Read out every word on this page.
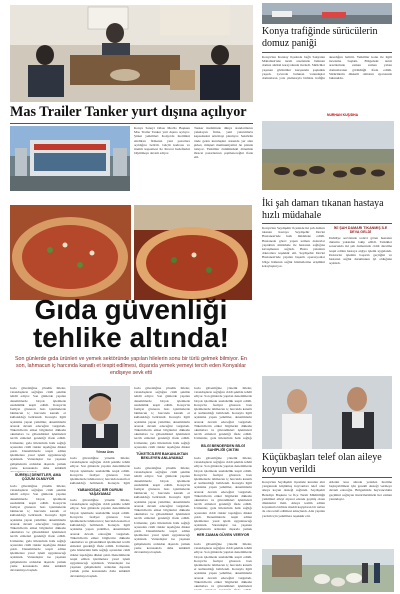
Mas Trailer Tanker yurt dışına açılıyor
Konya Sanayi Odası Meclis Başkanı Mas Trailer Tanker yurt dışına açılıyor. Şirket yetkilileri Konya'da üretimini sürdüren firmanın yeni pazarlara açıldığını belirtti. Güçlü kadrosu ve üretim kapasitesi ile ihracat hedeflerini büyütmeye devam ediyor.
Tanker üretiminde dünya standartlarını yakalayan firma, yeni yatırımlarla kapasitesini artırmayı planlıyor. Sektörün önde gelen kuruluşları arasında yer alan şirket, müşteri memnuniyetini ön planda tutuyor. Yetkililer önümüzdeki dönemde ihracat pazarlarının çeşitleneceğini ifade etti.
Konya trafiğinde sürücülerin domuz paniği
Konya'nın Karatay ilçesinde bağlı Sakyatan Mahallesi'nde tarım arazisinde bulunan domuz sürüsü karayolunda ilerledi. Sürücüler yaşanan görüntüler karşısında şaşkınlık yaşadı. Çevrede bulunan vatandaşlar domuzların yola çıkmasıyla birlikte trafiğin aksadığını belirtti. Yetkililer konu ile ilgili inceleme başlattı. Bölgedeki tarım arazilerinde zaman zaman yaban domuzlarının görüldüğü ifade edildi. Sürücülerin dikkatli olmaları uyarısında bulunuldu.
NURHAN KUŞ/DHA
Gıda güvenliği
tehlike altında!
Son günlerde gıda ürünleri ve yemek sektöründe yapılan hilelerin sonu bir türlü gelmek bilmiyor. En son, lahmacun iç harcında kanatlı et tespit edilmesi, dışarıda yemek yemeyi tercih eden Konyalılar endişeye sevk etti
Gıda güvenliğine yönelik hileler, vatandaşların sağlığını ciddi şekilde tehdit ediyor. Son günlerde yapılan denetimlerde birçok işletmede usulsüzlük tespit edildi. Konya'da faaliyet gösteren bazı işletmelerde lahmacun iç harcında kanatlı et kullanıldığı belirlendi. Konuyla ilgili açıklama yapan yetkililer, denetimlerin artarak devam edeceğini vurguladı. Tüketicilerin etiket bilgilerini dikkatle okumaları ve güvendikleri işletmeleri tercih etmeleri gerektiği ifade edildi. Uzmanlar, gıda hilelerinin halk sağlığı açısından ciddi riskler taşıdığına dikkat çekti. Denetimlerde tespit edilen işletmelere yasal işlem uygulanacağı açıklandı. Vatandaşlar ise yaşanan gelişmelerin ardından dışarıda yemek yeme konusunda daha temkinli
SÜREKLİ DENETLER, AMA ÇÖZÜM OLMUYOR
Gıda güvenliğine yönelik hileler, vatandaşların sağlığını ciddi şekilde tehdit ediyor. Son günlerde yapılan denetimlerde birçok işletmede usulsüzlük tespit edildi. Konya'da faaliyet gösteren bazı işletmelerde lahmacun iç harcında kanatlı et kullanıldığı belirlendi. Konuyla ilgili açıklama yapan yetkililer, denetimlerin artarak devam edeceğini vurguladı. Tüketicilerin etiket bilgilerini dikkatle okumaları ve güvendikleri işletmeleri tercih etmeleri gerektiği ifade edildi. Uzmanlar, gıda hilelerinin halk sağlığı açısından ciddi riskler taşıdığına dikkat çekti. Denetimlerde tespit edilen işletmelere yasal işlem uygulanacağı açıklandı. Vatandaşlar ise yaşanan gelişmelerin ardından dışarıda yemek yeme konusunda daha temkinli davranmaya başladı.
Yılmaz Aras
Gıda güvenliğine yönelik hileler, vatandaşların sağlığını ciddi şekilde tehdit ediyor. Son günlerde yapılan denetimlerde birçok işletmede usulsüzlük tespit edildi. Konya'da faaliyet gösteren bazı işletmelerde lahmacun iç harcında kanatlı et kullanıldığı belirlendi. Konuyla ilgili
YABANCIŞAÇ BİR DURUM YAŞAYAMAZ
Gıda güvenliğine yönelik hileler, vatandaşların sağlığını ciddi şekilde tehdit ediyor. Son günlerde yapılan denetimlerde birçok işletmede usulsüzlük tespit edildi. Konya'da faaliyet gösteren bazı işletmelerde lahmacun iç harcında kanatlı et kullanıldığı belirlendi. Konuyla ilgili açıklama yapan yetkililer, denetimlerin artarak devam edeceğini vurguladı. Tüketicilerin etiket bilgilerini dikkatle okumaları ve güvendikleri işletmeleri tercih etmeleri gerektiği ifade edildi. Uzmanlar, gıda hilelerinin halk sağlığı açısından ciddi riskler taşıdığına dikkat çekti. Denetimlerde tespit edilen işletmelere yasal işlem uygulanacağı açıklandı. Vatandaşlar ise yaşanan gelişmelerin ardından dışarıda yemek yeme konusunda daha temkinli davranmaya başladı.
Gıda güvenliğine yönelik hileler, vatandaşların sağlığını ciddi şekilde tehdit ediyor. Son günlerde yapılan denetimlerde birçok işletmede usulsüzlük tespit edildi. Konya'da faaliyet gösteren bazı işletmelerde lahmacun iç harcında kanatlı et kullanıldığı belirlendi. Konuyla ilgili açıklama yapan yetkililer, denetimlerin artarak devam edeceğini vurguladı. Tüketicilerin etiket bilgilerini dikkatle okumaları ve güvendikleri işletmeleri tercih etmeleri gerektiği ifade edildi. Uzmanlar, gıda hilelerinin halk sağlığı açısından ciddi riskler taşıdığına dikkat
TÜKETİCİLERİ BAKANLIKTAN BEKLEYEN ANLAYAMAZ
Gıda güvenliğine yönelik hileler, vatandaşların sağlığını ciddi şekilde tehdit ediyor. Son günlerde yapılan denetimlerde birçok işletmede usulsüzlük tespit edildi. Konya'da faaliyet gösteren bazı işletmelerde lahmacun iç harcında kanatlı et kullanıldığı belirlendi. Konuyla ilgili açıklama yapan yetkililer, denetimlerin artarak devam edeceğini vurguladı. Tüketicilerin etiket bilgilerini dikkatle okumaları ve güvendikleri işletmeleri tercih etmeleri gerektiği ifade edildi. Uzmanlar, gıda hilelerinin halk sağlığı açısından ciddi riskler taşıdığına dikkat çekti. Denetimlerde tespit edilen işletmelere yasal işlem uygulanacağı açıklandı. Vatandaşlar ise yaşanan gelişmelerin ardından dışarıda yemek yeme konusunda daha temkinli davranmaya başladı.
Gıda güvenliğine yönelik hileler, vatandaşların sağlığını ciddi şekilde tehdit ediyor. Son günlerde yapılan denetimlerde birçok işletmede usulsüzlük tespit edildi. Konya'da faaliyet gösteren bazı işletmelerde lahmacun iç harcında kanatlı et kullanıldığı belirlendi. Konuyla ilgili açıklama yapan yetkililer, denetimlerin artarak devam edeceğini vurguladı. Tüketicilerin etiket bilgilerini dikkatle okumaları ve güvendikleri işletmeleri tercih etmeleri gerektiği ifade edildi. Uzmanlar, gıda hilelerinin halk sağlığı
BİLGİ BENDERDEN BİLGİ SAHİPLİĞİ ÇIKTIM
Gıda güvenliğine yönelik hileler, vatandaşların sağlığını ciddi şekilde tehdit ediyor. Son günlerde yapılan denetimlerde birçok işletmede usulsüzlük tespit edildi. Konya'da faaliyet gösteren bazı işletmelerde lahmacun iç harcında kanatlı et kullanıldığı belirlendi. Konuyla ilgili açıklama yapan yetkililer, denetimlerin artarak devam edeceğini vurguladı. Tüketicilerin etiket bilgilerini dikkatle okumaları ve güvendikleri işletmeleri tercih etmeleri gerektiği ifade edildi. Uzmanlar, gıda hilelerinin halk sağlığı açısından ciddi riskler taşıdığına dikkat çekti. Denetimlerde tespit edilen işletmelere yasal işlem uygulanacağı açıklandı. Vatandaşlar ise yaşanan gelişmelerin ardından dışarıda yemek
HER ZAMAN GÜVEN VERİYOR
Gıda güvenliğine yönelik hileler, vatandaşların sağlığını ciddi şekilde tehdit ediyor. Son günlerde yapılan denetimlerde birçok işletmede usulsüzlük tespit edildi. Konya'da faaliyet gösteren bazı işletmelerde lahmacun iç harcında kanatlı et kullanıldığı belirlendi. Konuyla ilgili açıklama yapan yetkililer, denetimlerin artarak devam edeceğini vurguladı. Tüketicilerin etiket bilgilerini dikkatle okumaları ve güvendikleri işletmeleri
İki şah damarı tıkanan hastaya hızlı müdahale
Konya'nın Seydişehir ilçesinde iki şah damarı tıkanan hastaya Seydişehir Devlet Hastanesi'nde hızlı müdahale edildi. Hastanede görev yapan uzman doktorlar yaptıkları müdahale ile hastanın sağlığına kavuşmasını sağladı. Hasta yakınları doktorlara teşekkür etti. Seydişehir Devlet Hastanesi'nde yapılan başarılı operasyonlar bölge halkının sağlık hizmetlerine erişimini kolaylaştırıyor.
İKİ ŞAH DAMARI TIKANMIŞ İLE DEVA GELDİ
Dahiliye servisinde tedavi gören hastanın durumu yakından takip edildi. Tetkikler sonucunda iki şah damarında ciddi daralma tespit edilen hastaya anjiyo işlemi uygulandı. Doktorlar işlemin başarılı geçtiğini ve hastanın sağlık durumunun iyi olduğunu açıkladı.
Küçükbaşları telef olan aileye koyun verildi
Konya'nın Seydişehir ilçesinde kurulan ahır yangınında küçükbaş hayvanları telef olan aileye koyun desteği sağlandı. Seydişehir Belediye Başkanı ve İlçe Tarım Müdürlüğü yetkilileri aileyi ziyaret ederek geçmiş olsun dileklerini iletti. Aileye teslim edilen koyunlarla birlikte maddi kayıpların bir nebze de olsa telafi edilmesi amaçlandı. Aile yapılan yardım için yetkililere teşekkür etti.
Ailenin kısa sürede yeniden üretime başlayabilmesi için gerekli desteği vermeye devam edeceğiz. Bölgemizde hayvancılıkla geçimini sağlayan üreticilerimizin her zaman yanındayız.
